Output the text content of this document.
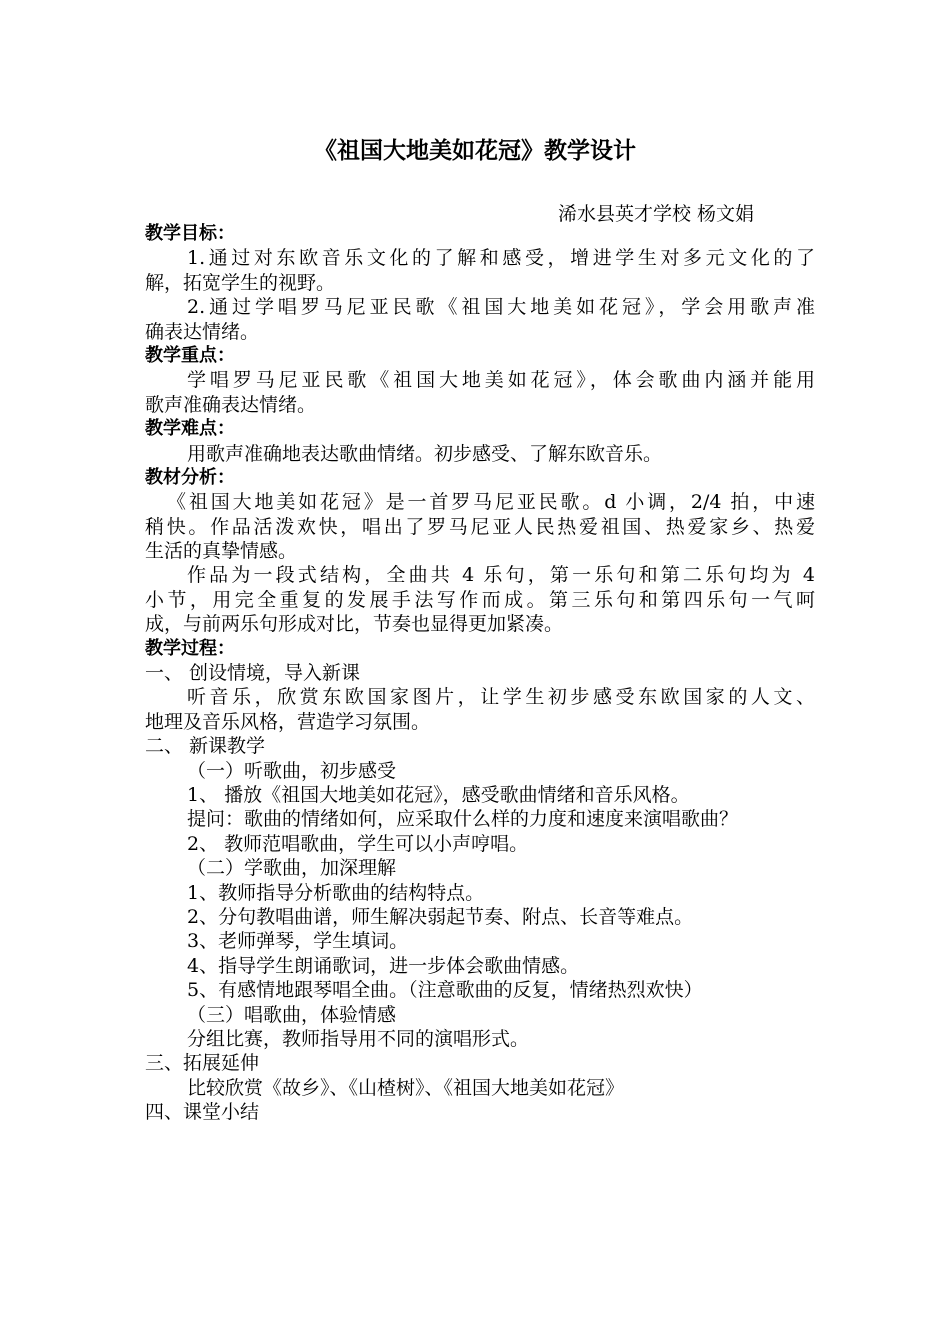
《祖国大地美如花冠》教学设计
浠水县英才学校 杨文娟
教学目标：
1.通过对东欧音乐文化的了解和感受，增进学生对多元文化的了
解，拓宽学生的视野。
2.通过学唱罗马尼亚民歌《祖国大地美如花冠》，学会用歌声准
确表达情绪。
教学重点：
学唱罗马尼亚民歌《祖国大地美如花冠》，体会歌曲内涵并能用
歌声准确表达情绪。
教学难点：
用歌声准确地表达歌曲情绪。初步感受、了解东欧音乐。
教材分析：
《祖国大地美如花冠》是一首罗马尼亚民歌。d 小调，2/4 拍，中速
稍快。作品活泼欢快，唱出了罗马尼亚人民热爱祖国、热爱家乡、热爱
生活的真挚情感。
作品为一段式结构，全曲共 4 乐句，第一乐句和第二乐句均为 4
小节，用完全重复的发展手法写作而成。第三乐句和第四乐句一气呵
成，与前两乐句形成对比，节奏也显得更加紧凑。
教学过程：
一、 创设情境，导入新课
听音乐，欣赏东欧国家图片，让学生初步感受东欧国家的人文、
地理及音乐风格，营造学习氛围。
二、 新课教学
（一）听歌曲，初步感受
1、 播放《祖国大地美如花冠》，感受歌曲情绪和音乐风格。
提问：歌曲的情绪如何，应采取什么样的力度和速度来演唱歌曲？
2、 教师范唱歌曲，学生可以小声哼唱。
（二）学歌曲，加深理解
1、教师指导分析歌曲的结构特点。
2、分句教唱曲谱，师生解决弱起节奏、附点、长音等难点。
3、老师弹琴，学生填词。
4、指导学生朗诵歌词，进一步体会歌曲情感。
5、有感情地跟琴唱全曲。（注意歌曲的反复，情绪热烈欢快）
（三）唱歌曲，体验情感
分组比赛，教师指导用不同的演唱形式。
三、拓展延伸
比较欣赏《故乡》、《山楂树》、《祖国大地美如花冠》
四、课堂小结
